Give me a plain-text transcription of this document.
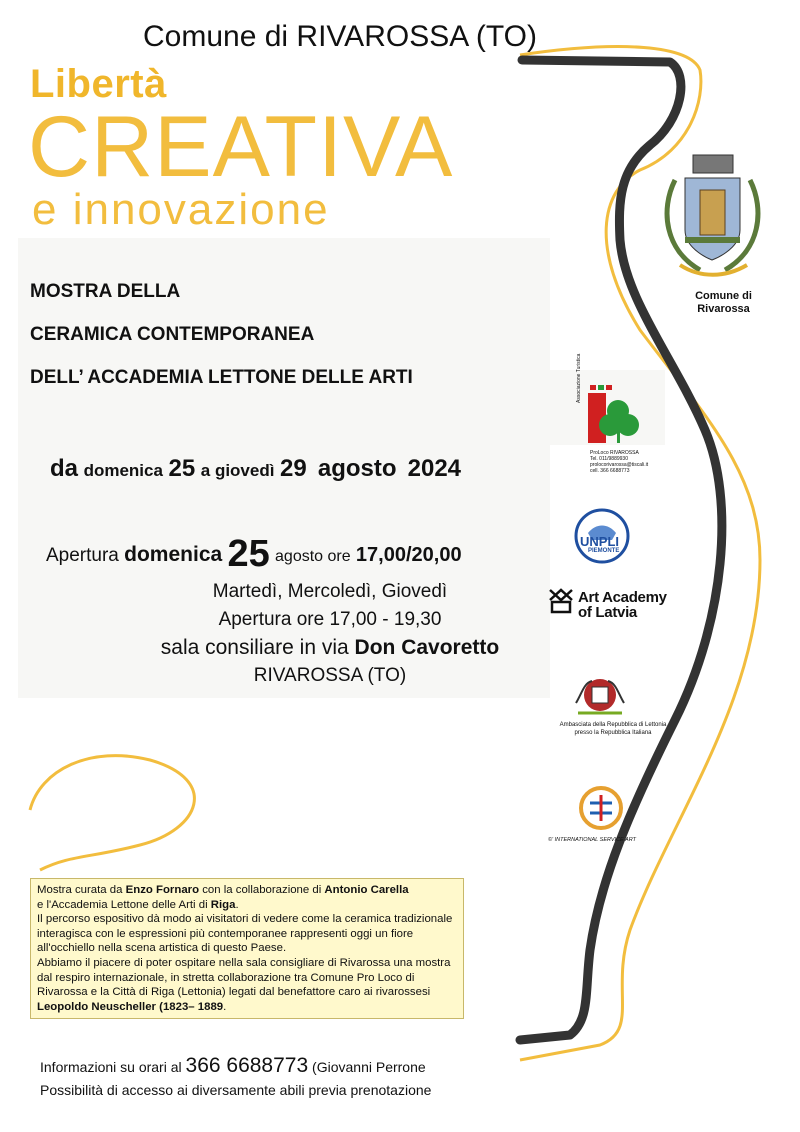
Comune di RIVAROSSA (TO)
Libertà
CREATIVA
e innovazione
MOSTRA DELLA
CERAMICA CONTEMPORANEA
DELL’ ACCADEMIA LETTONE DELLE ARTI
da domenica 25 a giovedì 29 agosto 2024
Apertura domenica 25 agosto ore 17,00/20,00
Martedì, Mercoledì, Giovedì
Apertura ore 17,00 - 19,30
sala consiliare in via Don Cavoretto
RIVAROSSA (TO)
Comune di
Rivarossa
ProLoco RIVAROSSA
Tel. 011/9889930
prolocorivarossa@tiscali.it
cell. 366 6688773
Associazione Turistica
UNPLI
PIEMONTE
Art Academy
of Latvia
Ambasciata della Repubblica di Lettonia
presso la Repubblica Italiana
©' INTERNATIONAL SERVICE ART
Mostra curata da Enzo Fornaro con la collaborazione di Antonio Carella
e l'Accademia Lettone delle Arti di Riga.
Il percorso espositivo dà modo ai visitatori di vedere come la ceramica tradizionale interagisca con le espressioni più contemporanee rappresenti oggi un fiore all'occhiello nella scena artistica di questo Paese.
Abbiamo il piacere di poter ospitare nella sala consigliare di Rivarossa una mostra dal respiro internazionale, in stretta collaborazione tra Comune Pro Loco di Rivarossa e la Città di Riga (Lettonia) legati dal benefattore caro ai rivarossesi Leopoldo Neuscheller (1823– 1889.
Informazioni su orari al 366 6688773 (Giovanni Perrone
Possibilità di accesso ai diversamente abili previa prenotazione
